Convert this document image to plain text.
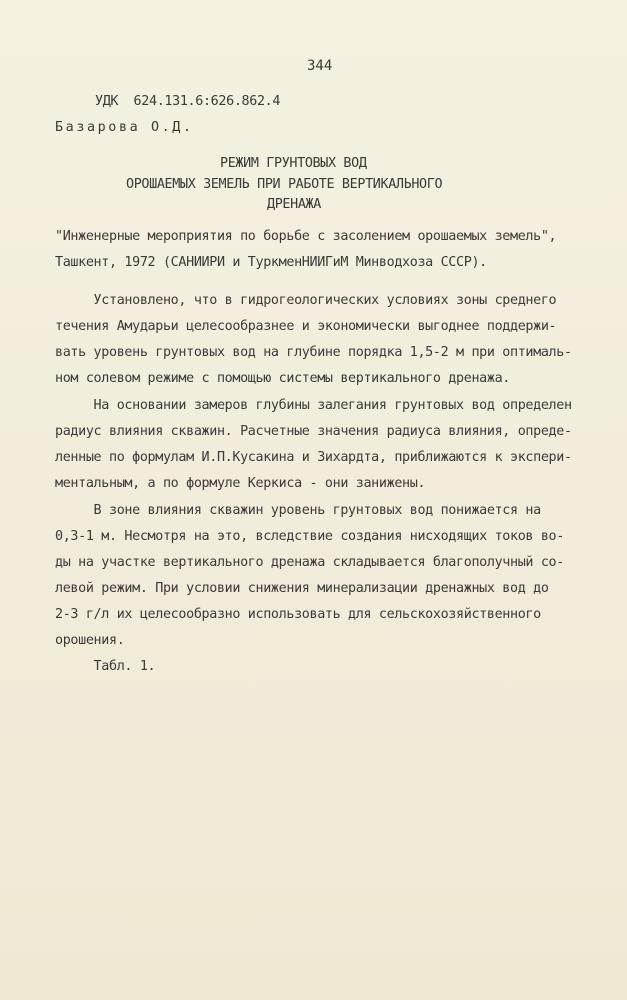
344
УДК  624.131.6:626.862.4
Базарова О.Д.
РЕЖИМ ГРУНТОВЫХ ВОД
ОРОШАЕМЫХ ЗЕМЕЛЬ ПРИ РАБОТЕ ВЕРТИКАЛЬНОГО
ДРЕНАЖА
"Инженерные мероприятия по борьбе с засолением орошаемых земель",
Ташкент, 1972 (САНИИРИ и ТуркменНИИГиМ Минводхоза СССР).
Установлено, что в гидрогеологических условиях зоны среднего
течения Амударьи целесообразнее и экономически выгоднее поддержи-
вать уровень грунтовых вод на глубине порядка 1,5-2 м при оптималь-
ном солевом режиме с помощью системы вертикального дренажа.
На основании замеров глубины залегания грунтовых вод определен
радиус влияния скважин. Расчетные значения радиуса влияния, опреде-
ленные по формулам И.П.Кусакина и Зихардта, приближаются к экспери-
ментальным, а по формуле Керкиса - они занижены.
В зоне влияния скважин уровень грунтовых вод понижается на
0,3-1 м. Несмотря на это, вследствие создания нисходящих токов во-
ды на участке вертикального дренажа складывается благополучный со-
левой режим. При условии снижения минерализации дренажных вод до
2-3 г/л их целесообразно использовать для сельскохозяйственного
орошения.
Табл. 1.
